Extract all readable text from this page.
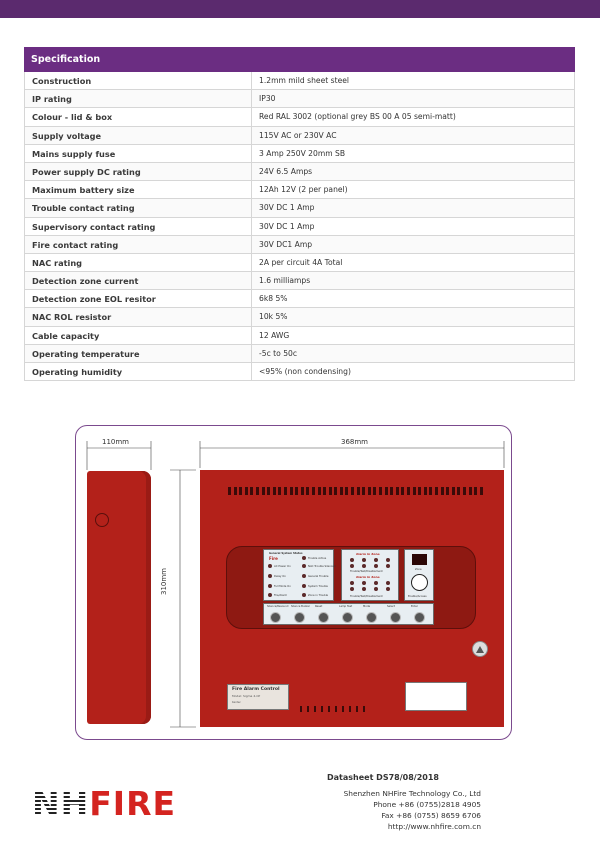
Specification
Construction	1.2mm mild sheet steel
IP rating	IP30
Colour - lid & box	Red RAL 3002 (optional grey BS 00 A 05 semi-matt)
Supply voltage	115V AC or 230V AC
Mains supply fuse	3 Amp 250V 20mm SB
Power supply DC rating	24V 6.5 Amps
Maximum battery size	12Ah 12V (2 per panel)
Trouble contact rating	30V DC 1 Amp
Supervisory contact rating	30V DC 1 Amp
Fire contact rating	30V DC1 Amp
NAC rating	2A per circuit 4A Total
Detection zone current	1.6 milliamps
Detection zone EOL resitor	6k8 5%
NAC ROL resistor	10k 5%
Cable capacity	12 AWG
Operating temperature	-5c to 50c
Operating humidity	<95% (non condensing)
110mm	368mm
310mm
General System Status
Fire
AC Power On
Delay On
Full Mode On
Fire/Alarm
Trouble Active
NAC Trouble Silenced
General Trouble
System Trouble
Zone in Trouble
Alarm in Zone
Trouble/Test/Disablement
Alarm in Zone
Trouble/Test/Disablement
Zone
Enable/Access
Silence/Resound Silence Buzzer Reset	Lamp Test	Mode	Select	Enter
Fire Alarm Control
Model: Sigma 4-CP
Kentec
Datasheet DS78/08/2018
NHFIRE	Shenzhen NHFire Technology Co., Ltd
Phone +86 (0755)2818 4905
Fax +86 (0755) 8659 6706
http://www.nhfire.com.cn
